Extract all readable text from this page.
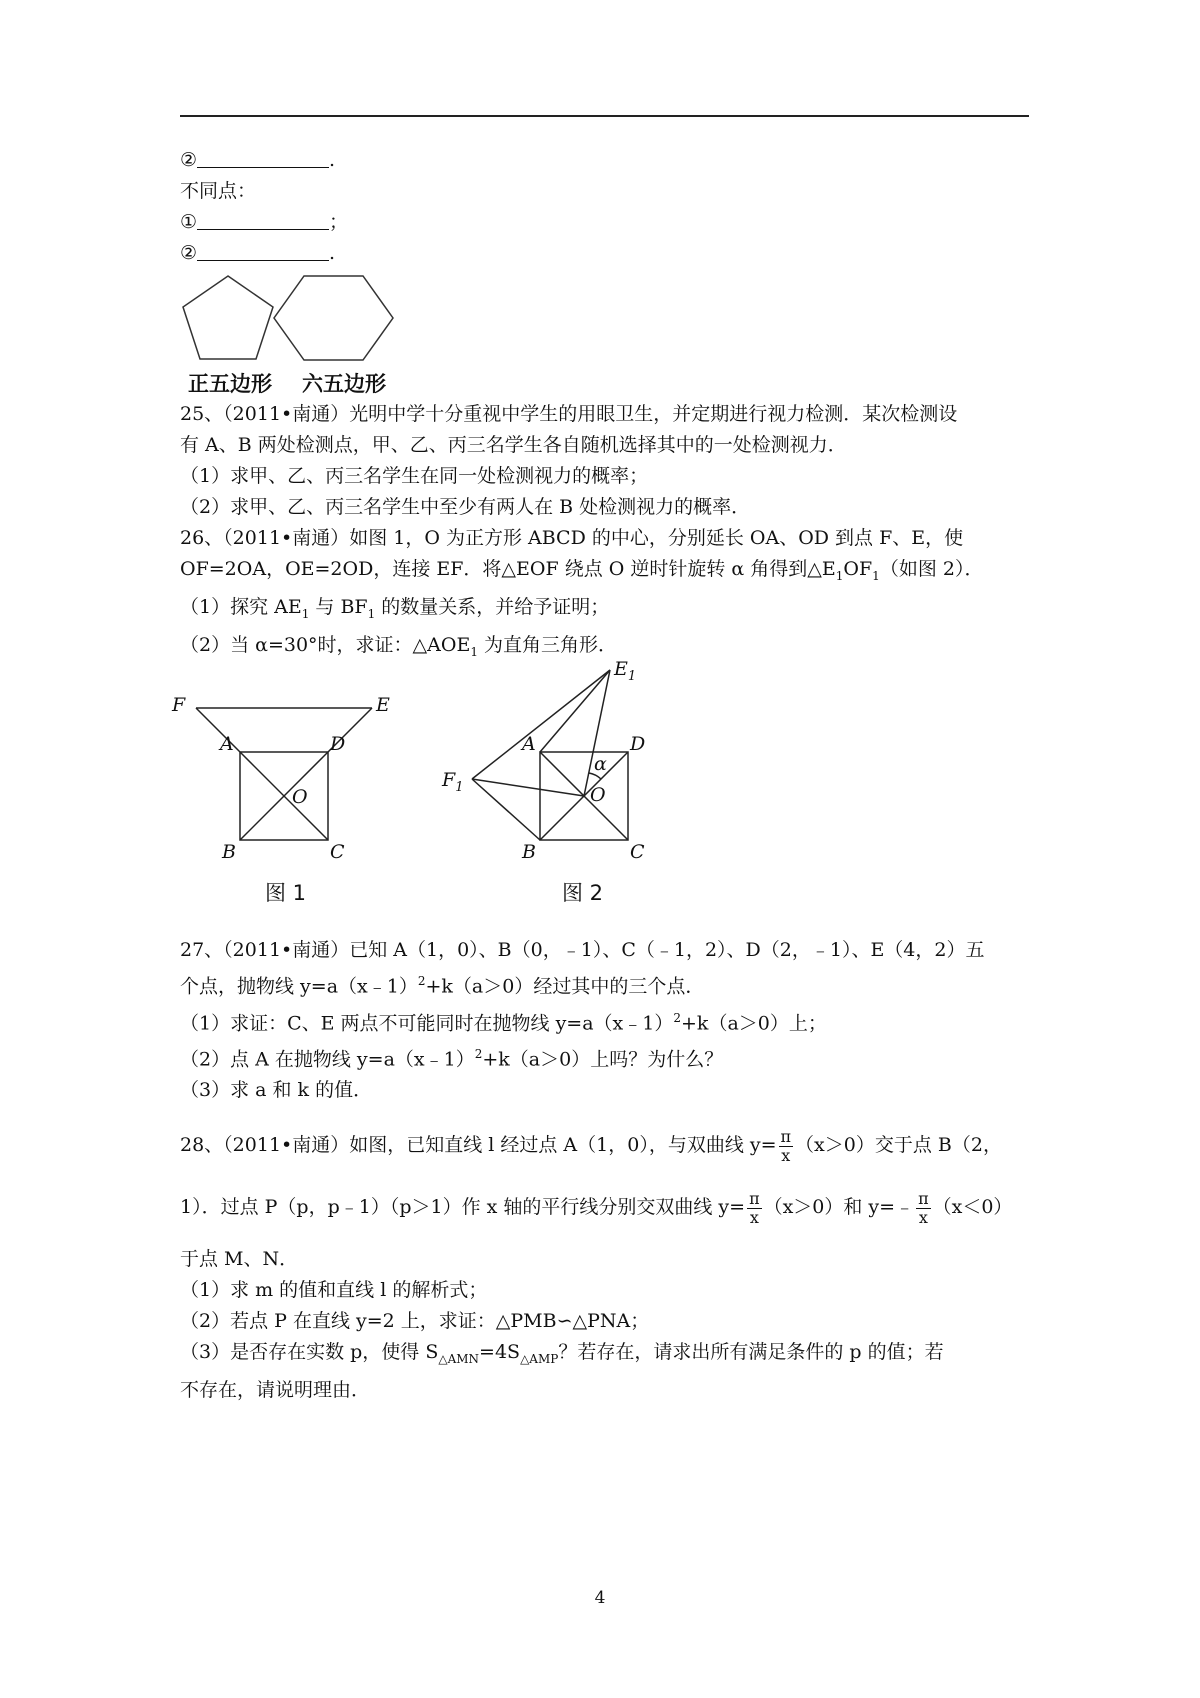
②	.
不同点：
①	；
②	.
正五边形 六五边形
25、（2011•南通）光明中学十分重视中学生的用眼卫生，并定期进行视力检测．某次检测设
有 A、B 两处检测点，甲、乙、丙三名学生各自随机选择其中的一处检测视力．
（1）求甲、乙、丙三名学生在同一处检测视力的概率；
（2）求甲、乙、丙三名学生中至少有两人在 B 处检测视力的概率．
26、（2011•南通）如图 1，O 为正方形 ABCD 的中心，分别延长 OA、OD 到点 F、E，使
OF=2OA，OE=2OD，连接 EF．将△EOF 绕点 O 逆时针旋转 α 角得到$\triangle E_1OF_1$（如图 2）．
（1）探究 $AE_1$ 与 $BF_1$ 的数量关系，并给予证明；
（2）当 α=30°时，求证：$\triangle AOE_1$ 为直角三角形．
F	E
A	D
O
B	C
图 1
$E_1$
$F_1$
A	D
O
α
B	C
图 2
27、（2011•南通）已知 A（1，0）、B（0，﹣1）、C（﹣1，2）、D（2，﹣1）、E（4，2）五
个点，抛物线 y=a（x﹣1）$^2$+k（a＞0）经过其中的三个点．
（1）求证：C、E 两点不可能同时在抛物线 y=a（x﹣1）$^2$+k（a＞0）上；
（2）点 A 在抛物线 y=a（x﹣1）$^2$+k（a＞0）上吗？为什么？
（3）求 a 和 k 的值．
28、（2011•南通）如图，已知直线 l 经过点 A（1，0），与双曲线 $y= \frac{\pi}{x} (x>0)$交于点 B（2，
1）．过点 P（p，p﹣1）（p＞1）作 x 轴的平行线分别交双曲线 $y= \frac{\pi}{x} (x>0)$和 y=﹣ $\frac{\pi}{x} (x<0)$
于点 M、N．
（1）求 m 的值和直线 l 的解析式；
（2）若点 P 在直线 y=2 上，求证：△PMB∽△PNA；
（3）是否存在实数 p，使得 $S_{\triangle AMN}=4S_{\triangle AMP}$？若存在，请求出所有满足条件的 p 的值；若
不存在，请说明理由．
4
